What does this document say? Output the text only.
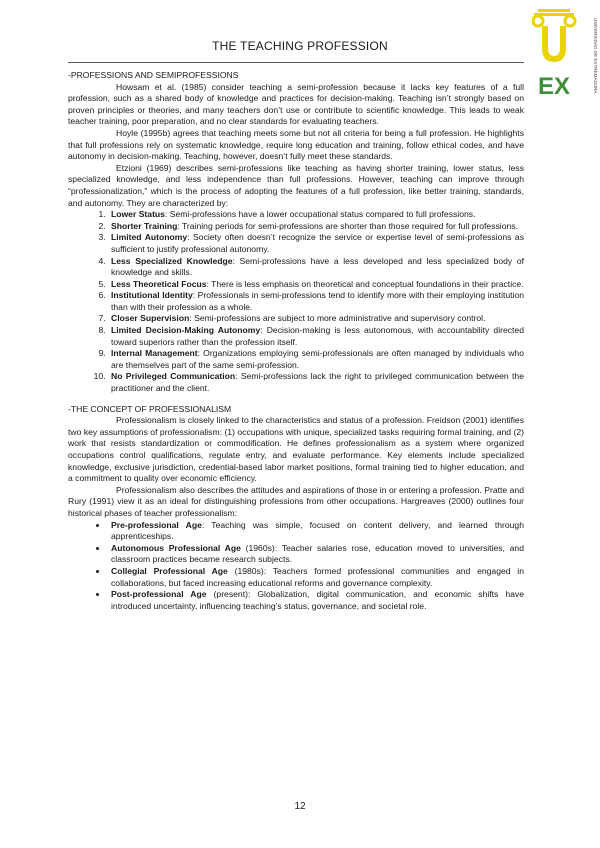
EX	UNIVERSIDAD DE EXTREMADURA
THE TEACHING PROFESSION

-PROFESSIONS AND SEMIPROFESSIONS

Howsam et al. (1985) consider teaching a semi-profession because it lacks key features of a full profession, such as a shared body of knowledge and practices for decision-making. Teaching isn’t strongly based on proven principles or theories, and many teachers don’t use or contribute to scientific knowledge. This leads to weak teacher training, poor preparation, and no clear standards for evaluating teachers.

Hoyle (1995b) agrees that teaching meets some but not all criteria for being a full profession. He highlights that full professions rely on systematic knowledge, require long education and training, follow ethical codes, and have autonomy in decision-making. Teaching, however, doesn’t fully meet these standards.

Etzioni (1969) describes semi-professions like teaching as having shorter training, lower status, less specialized knowledge, and less independence than full professions. However, teaching can improve through “professionalization,” which is the process of adopting the features of a full profession, like better training, standards, and autonomy. They are characterized by:

1. Lower Status: Semi-professions have a lower occupational status compared to full professions.
2. Shorter Training: Training periods for semi-professions are shorter than those required for full professions.
3. Limited Autonomy: Society often doesn’t recognize the service or expertise level of semi-professions as sufficient to justify professional autonomy.
4. Less Specialized Knowledge: Semi-professions have a less developed and less specialized body of knowledge and skills.
5. Less Theoretical Focus: There is less emphasis on theoretical and conceptual foundations in their practice.
6. Institutional Identity: Professionals in semi-professions tend to identify more with their employing institution than with their profession as a whole.
7. Closer Supervision: Semi-professions are subject to more administrative and supervisory control.
8. Limited Decision-Making Autonomy: Decision-making is less autonomous, with accountability directed toward superiors rather than the profession itself.
9. Internal Management: Organizations employing semi-professionals are often managed by individuals who are themselves part of the same semi-profession.
10. No Privileged Communication: Semi-professions lack the right to privileged communication between the practitioner and the client.

-THE CONCEPT OF PROFESSIONALISM

Professionalism is closely linked to the characteristics and status of a profession. Freidson (2001) identifies two key assumptions of professionalism: (1) occupations with unique, specialized tasks requiring formal training, and (2) work that resists standardization or commodification. He defines professionalism as a system where organized occupations control qualifications, regulate entry, and evaluate performance. Key elements include specialized knowledge, exclusive jurisdiction, credential-based labor market positions, formal training tied to higher education, and a commitment to quality over economic efficiency.

Professionalism also describes the attitudes and aspirations of those in or entering a profession. Pratte and Rury (1991) view it as an ideal for distinguishing professions from other occupations. Hargreaves (2000) outlines four historical phases of teacher professionalism:

• Pre-professional Age: Teaching was simple, focused on content delivery, and learned through apprenticeships.
• Autonomous Professional Age (1960s): Teacher salaries rose, education moved to universities, and classroom practices became research subjects.
• Collegial Professional Age (1980s): Teachers formed professional communities and engaged in collaborations, but faced increasing educational reforms and governance complexity.
• Post-professional Age (present): Globalization, digital communication, and economic shifts have introduced uncertainty, influencing teaching’s status, governance, and societal role.
12
